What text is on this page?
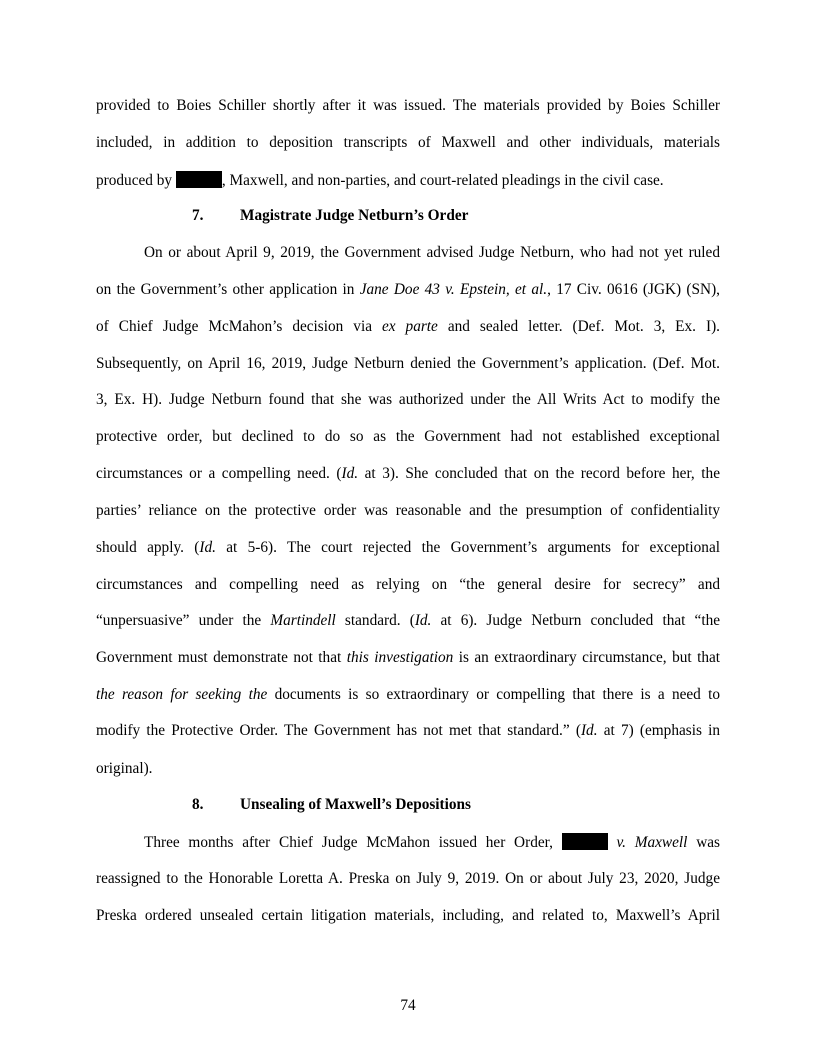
provided to Boies Schiller shortly after it was issued. The materials provided by Boies Schiller
included, in addition to deposition transcripts of Maxwell and other individuals, materials
produced by	, Maxwell, and non-parties, and court-related pleadings in the civil case.
7. Magistrate Judge Netburn’s Order
On or about April 9, 2019, the Government advised Judge Netburn, who had not yet ruled
on the Government’s other application in Jane Doe 43 v. Epstein, et al., 17 Civ. 0616 (JGK) (SN),
of Chief Judge McMahon’s decision via ex parte and sealed letter. (Def. Mot. 3, Ex. I).
Subsequently, on April 16, 2019, Judge Netburn denied the Government’s application. (Def. Mot.
3, Ex. H). Judge Netburn found that she was authorized under the All Writs Act to modify the
protective order, but declined to do so as the Government had not established exceptional
circumstances or a compelling need. (Id. at 3). She concluded that on the record before her, the
parties’ reliance on the protective order was reasonable and the presumption of confidentiality
should apply. (Id. at 5-6). The court rejected the Government’s arguments for exceptional
circumstances and compelling need as relying on “the general desire for secrecy” and
“unpersuasive” under the Martindell standard. (Id. at 6). Judge Netburn concluded that “the
Government must demonstrate not that this investigation is an extraordinary circumstance, but that
the reason for seeking the documents is so extraordinary or compelling that there is a need to
modify the Protective Order. The Government has not met that standard.” (Id. at 7) (emphasis in
original).
8. Unsealing of Maxwell’s Depositions
Three months after Chief Judge McMahon issued her Order,	v. Maxwell was
reassigned to the Honorable Loretta A. Preska on July 9, 2019. On or about July 23, 2020, Judge
Preska ordered unsealed certain litigation materials, including, and related to, Maxwell’s April
74
